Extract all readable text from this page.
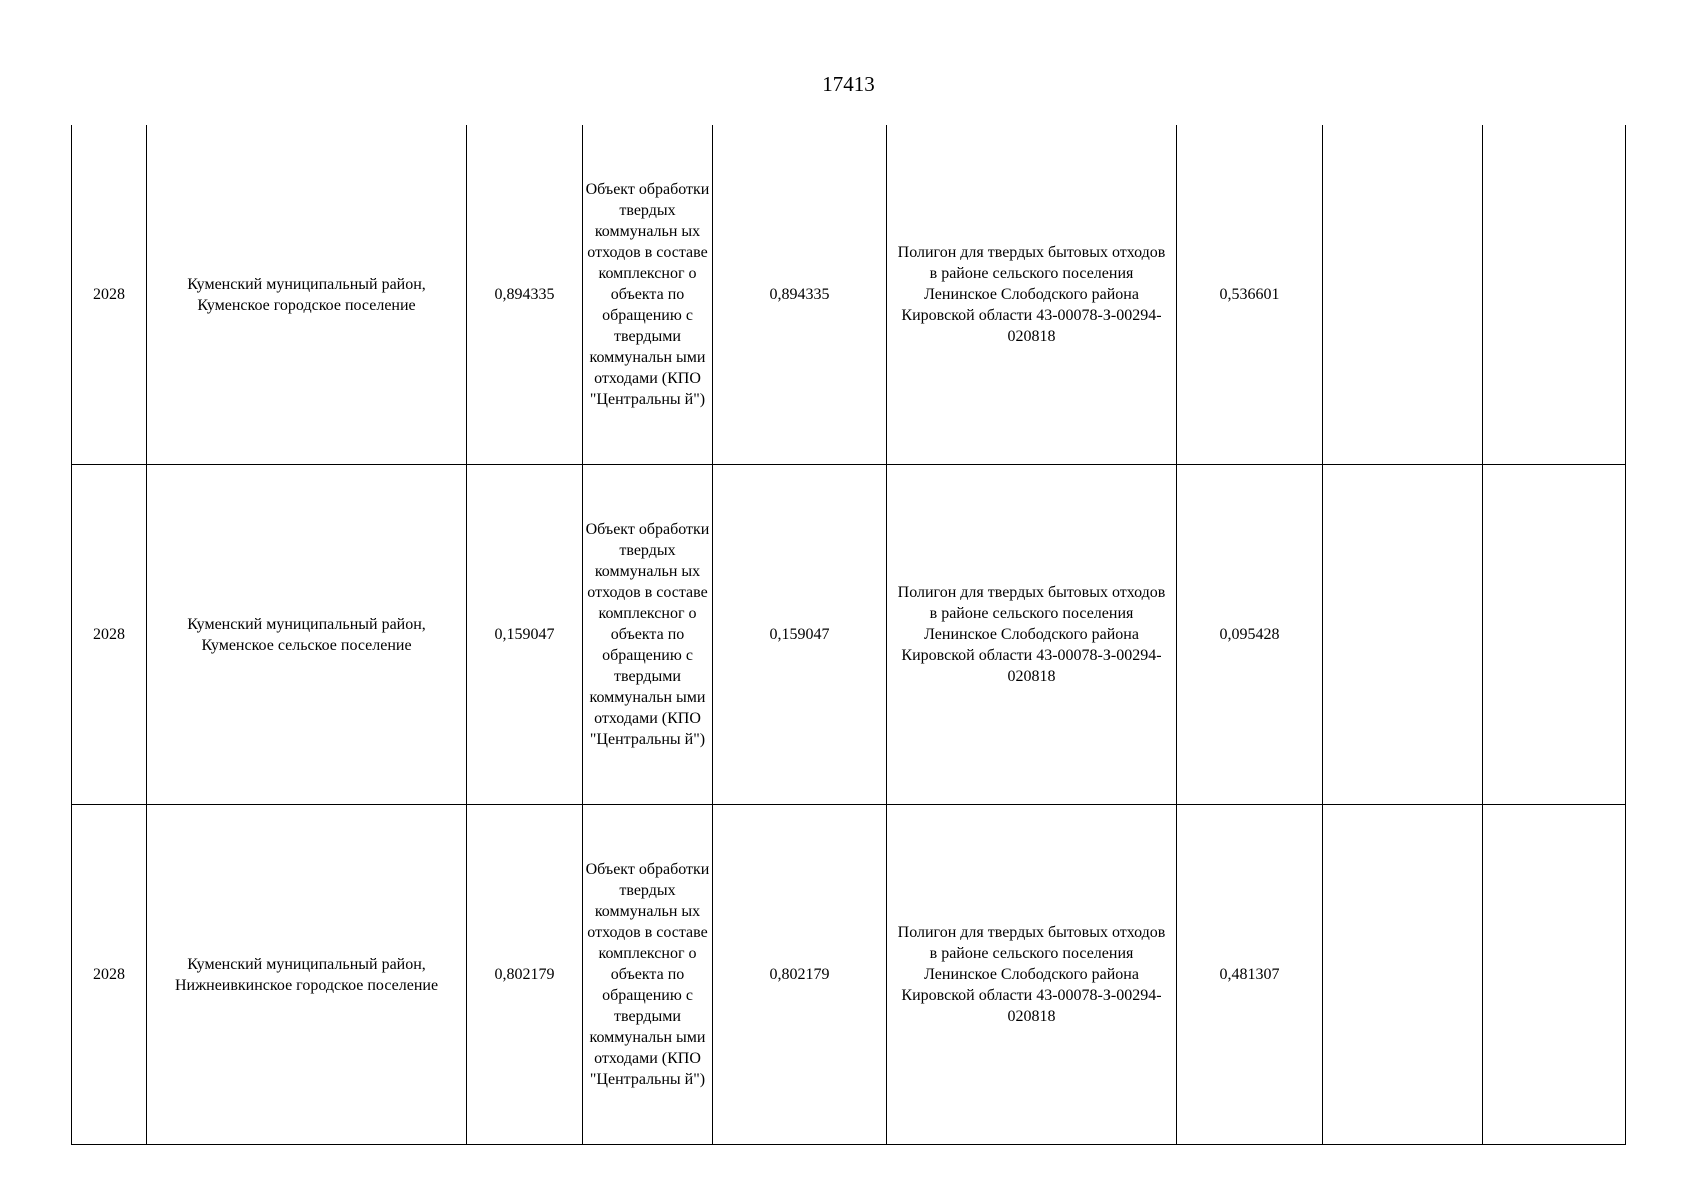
17413
2028	Куменский муниципальный район, Куменское городское поселение	0,894335	Объект обработки твердых коммунальн ых отходов в составе комплексног о объекта по обращению с твердыми коммунальн ыми отходами (КПО "Центральны й")	0,894335	Полигон для твердых бытовых отходов в районе сельского поселения Ленинское Слободского района Кировской области 43-00078-З-00294-020818	0,536601		
2028	Куменский муниципальный район, Куменское сельское поселение	0,159047	Объект обработки твердых коммунальн ых отходов в составе комплексног о объекта по обращению с твердыми коммунальн ыми отходами (КПО "Центральны й")	0,159047	Полигон для твердых бытовых отходов в районе сельского поселения Ленинское Слободского района Кировской области 43-00078-З-00294-020818	0,095428		
2028	Куменский муниципальный район, Нижнеивкинское городское поселение	0,802179	Объект обработки твердых коммунальн ых отходов в составе комплексног о объекта по обращению с твердыми коммунальн ыми отходами (КПО "Центральны й")	0,802179	Полигон для твердых бытовых отходов в районе сельского поселения Ленинское Слободского района Кировской области 43-00078-З-00294-020818	0,481307		
